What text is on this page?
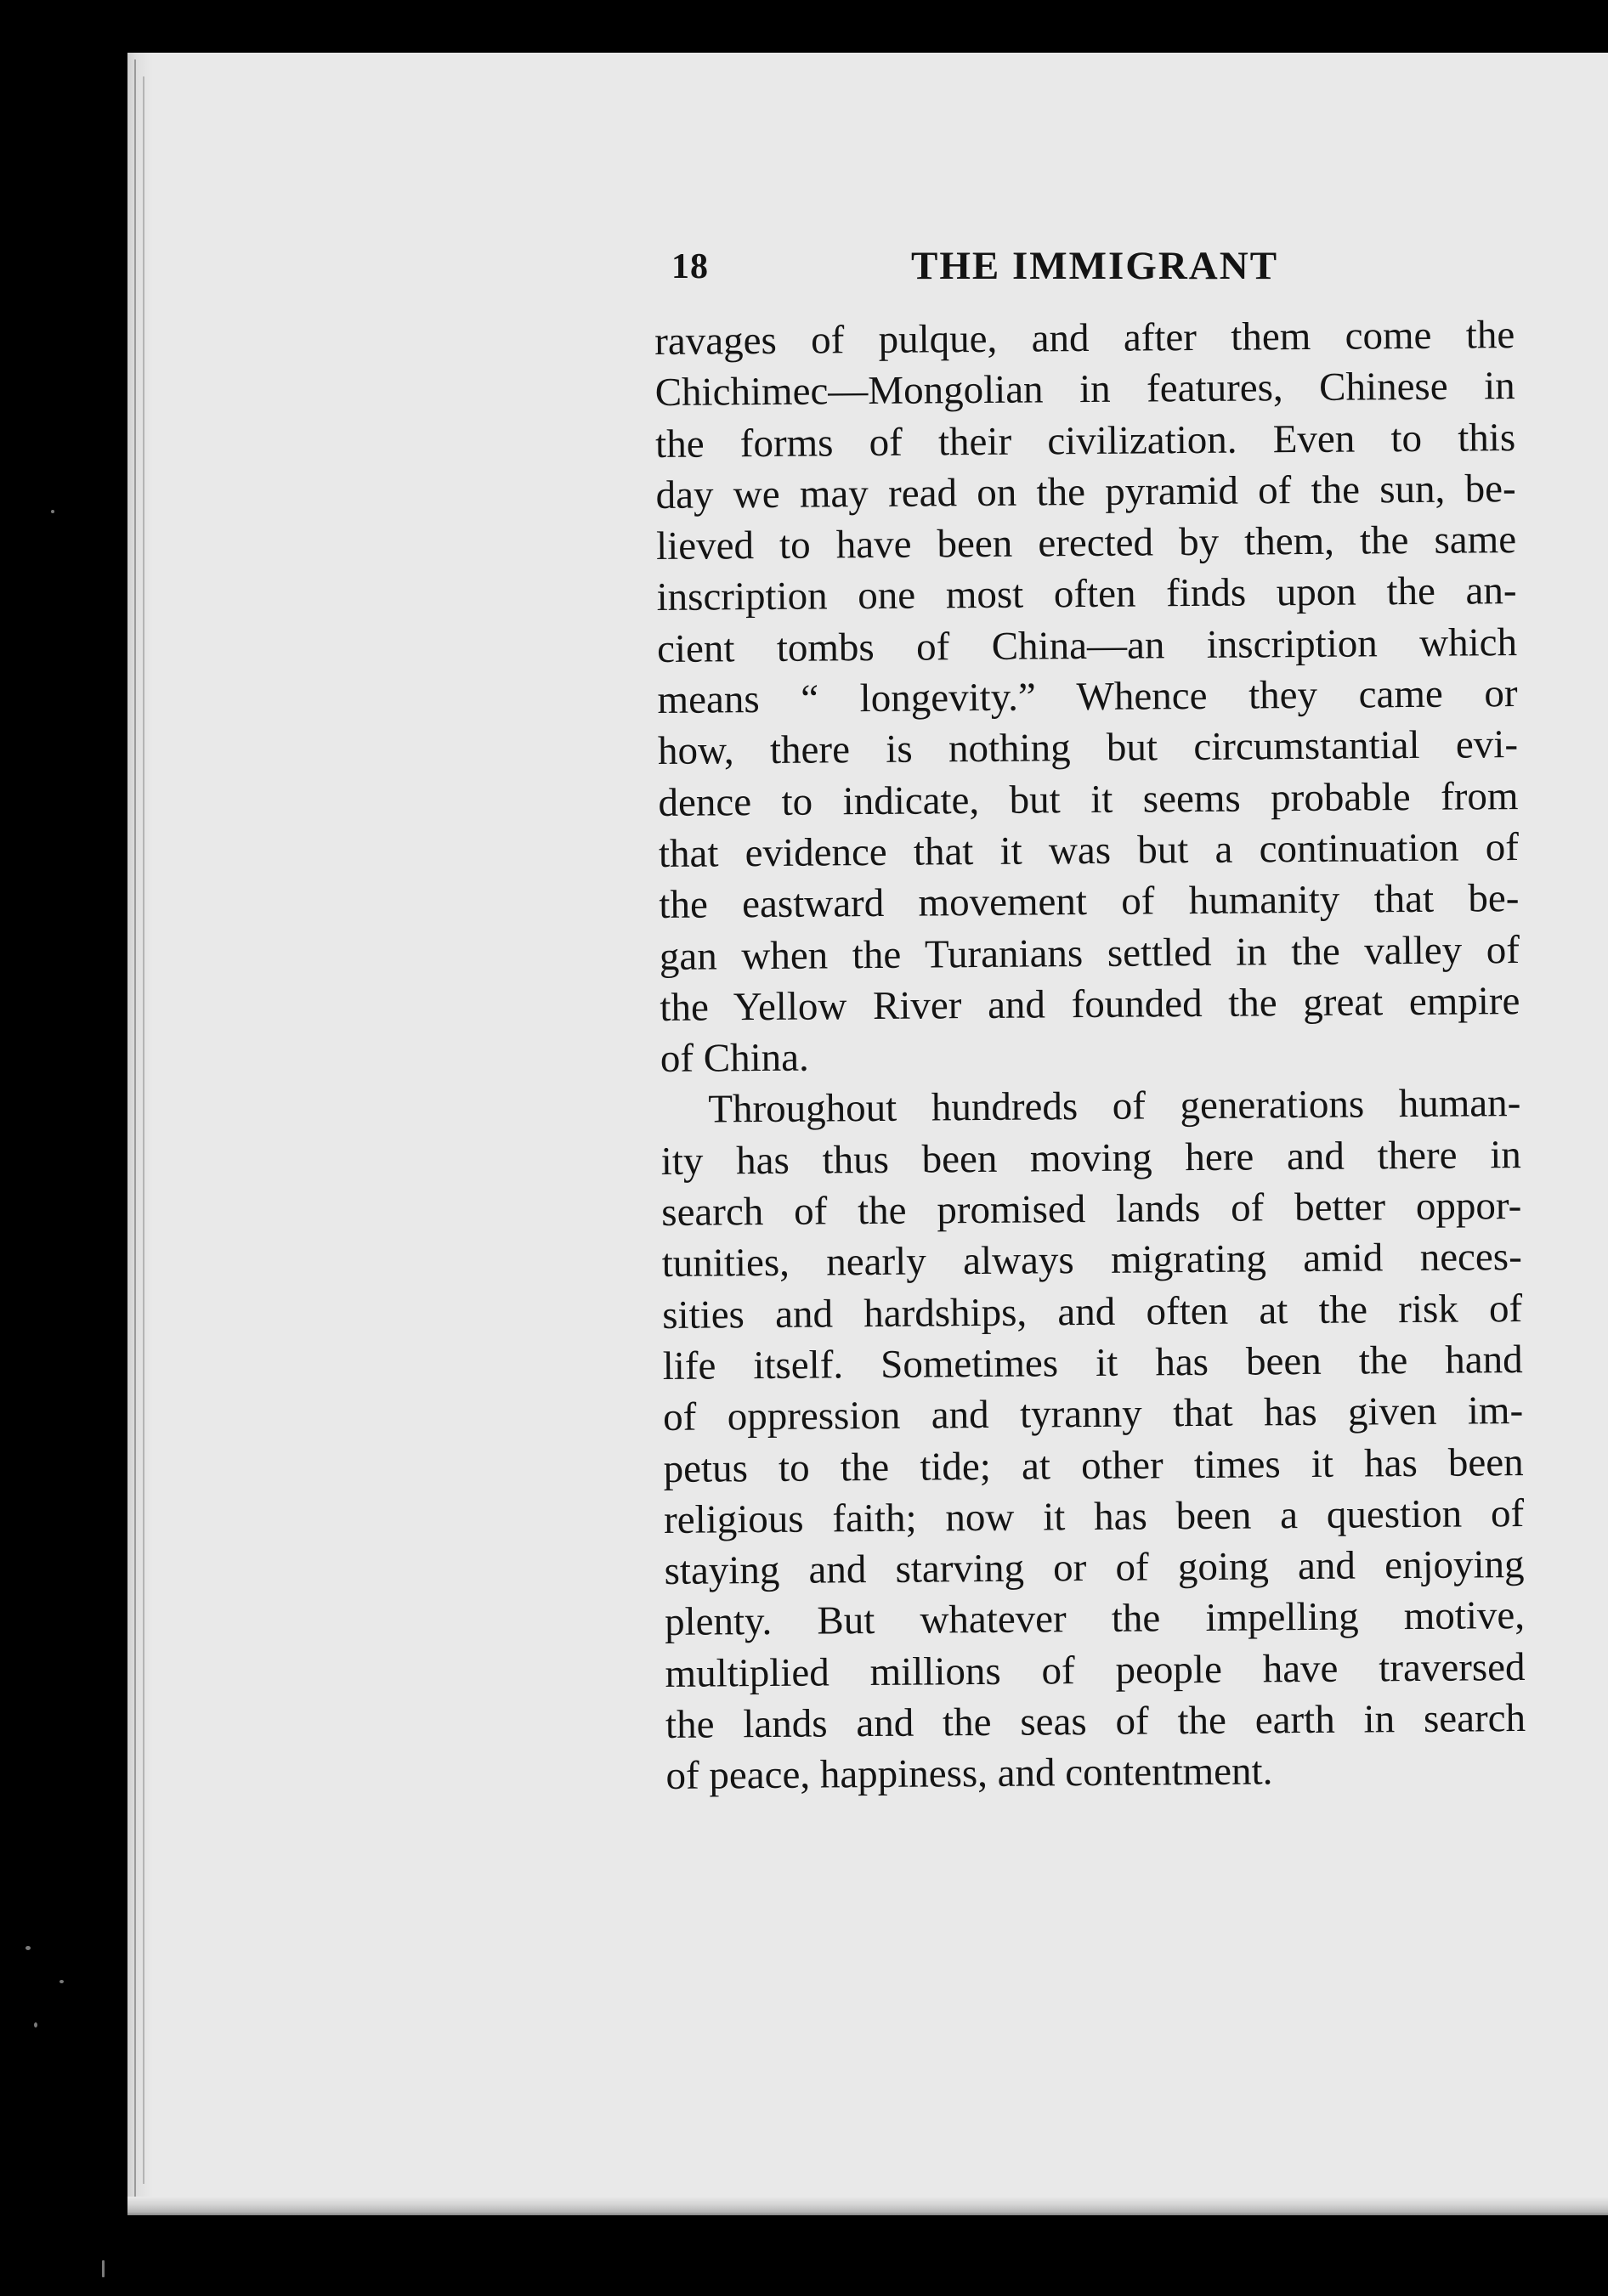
18	THE IMMIGRANT
ravages of pulque, and after them come the
Chichimec—Mongolian in features, Chinese in
the forms of their civilization. Even to this
day we may read on the pyramid of the sun, be-
lieved to have been erected by them, the same
inscription one most often finds upon the an-
cient tombs of China—an inscription which
means “ longevity.” Whence they came or
how, there is nothing but circumstantial evi-
dence to indicate, but it seems probable from
that evidence that it was but a continuation of
the eastward movement of humanity that be-
gan when the Turanians settled in the valley of
the Yellow River and founded the great empire
of China.
Throughout hundreds of generations human-
ity has thus been moving here and there in
search of the promised lands of better oppor-
tunities, nearly always migrating amid neces-
sities and hardships, and often at the risk of
life itself. Sometimes it has been the hand
of oppression and tyranny that has given im-
petus to the tide; at other times it has been
religious faith; now it has been a question of
staying and starving or of going and enjoying
plenty. But whatever the impelling motive,
multiplied millions of people have traversed
the lands and the seas of the earth in search
of peace, happiness, and contentment.
